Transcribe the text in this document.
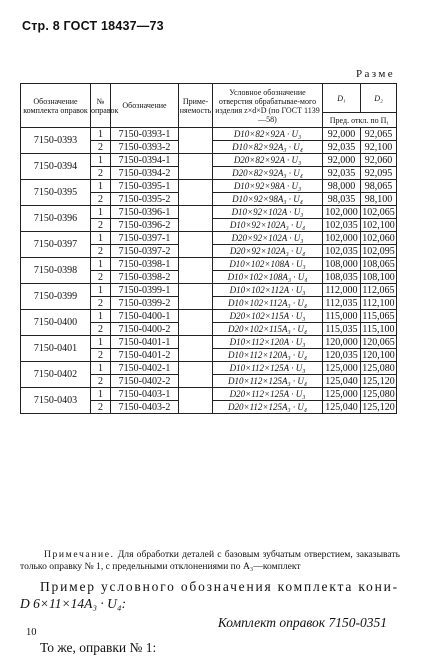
Стр. 8 ГОСТ 18437—73
Разме
Обозначение комплекта оправок	№ оправок	Обозначение	Приме-няемость	Условное обозначение отверстия обрабатывае-мого изделия z×d×D (по ГОСТ 1139—58)	D₁	D₂
					Пред. откл. по П₁	
7150-0393	1	7150-0393-1		D10×82×92A · U₃	92,000	92,065
	2	7150-0393-2		D10×82×92A₃ · U₄	92,035	92,100
7150-0394	1	7150-0394-1		D20×82×92A · U₃	92,000	92,060
	2	7150-0394-2		D20×82×92A₃ · U₄	92,035	92,095
7150-0395	1	7150-0395-1		D10×92×98A · U₃	98,000	98,065
	2	7150-0395-2		D10×92×98A₃ · U₄	98,035	98,100
7150-0396	1	7150-0396-1		D10×92×102A · U₃	102,000	102,065
	2	7150-0396-2		D10×92×102A₃ · U₄	102,035	102,100
7150-0397	1	7150-0397-1		D20×92×102A · U₃	102,000	102,060
	2	7150-0397-2		D20×92×102A₃ · U₄	102,035	102,095
7150-0398	1	7150-0398-1		D10×102×108A · U₃	108,000	108,065
	2	7150-0398-2		D10×102×108A₃ · U₄	108,035	108,100
7150-0399	1	7150-0399-1		D10×102×112A · U₃	112,000	112,065
	2	7150-0399-2		D10×102×112A₃ · U₄	112,035	112,100
7150-0400	1	7150-0400-1		D20×102×115A · U₃	115,000	115,065
	2	7150-0400-2		D20×102×115A₃ · U₄	115,035	115,100
7150-0401	1	7150-0401-1		D10×112×120A · U₃	120,000	120,065
	2	7150-0401-2		D10×112×120A₃ · U₄	120,035	120,100
7150-0402	1	7150-0402-1		D10×112×125A · U₃	125,000	125,080
	2	7150-0402-2		D10×112×125A₃ · U₄	125,040	125,120
7150-0403	1	7150-0403-1		D20×112×125A · U₃	125,000	125,080
	2	7150-0403-2		D20×112×125A₃ · U₄	125,040	125,120
Примечание. Для обработки деталей с базовым зубчатым отверстием, заказывать только оправку № 1, с предельными отклонениями по A₃—комплект
Пример условного обозначения комплекта кони-
D 6×11×14A₃ · U₄:
Комплект оправок 7150-0351
То же, оправки № 1:
10
